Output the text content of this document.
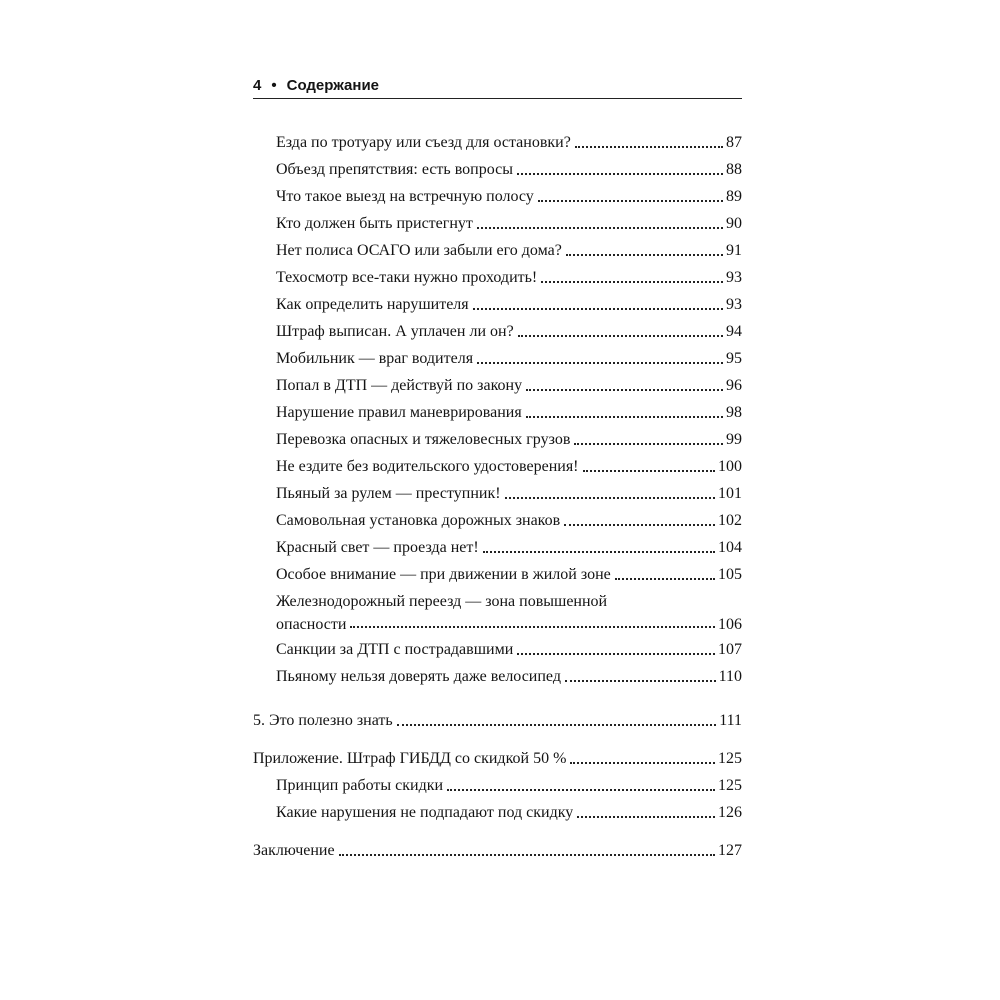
4 • Содержание
Езда по тротуару или съезд для остановки?	87
Объезд препятствия: есть вопросы	88
Что такое выезд на встречную полосу	89
Кто должен быть пристегнут	90
Нет полиса ОСАГО или забыли его дома?	91
Техосмотр все-таки нужно проходить!	93
Как определить нарушителя	93
Штраф выписан. А уплачен ли он?	94
Мобильник — враг водителя	95
Попал в ДТП — действуй по закону	96
Нарушение правил маневрирования	98
Перевозка опасных и тяжеловесных грузов	99
Не ездите без водительского удостоверения!	100
Пьяный за рулем — преступник!	101
Самовольная установка дорожных знаков	102
Красный свет — проезда нет!	104
Особое внимание — при движении в жилой зоне	105
Железнодорожный переезд — зона повышенной
опасности	106
Санкции за ДТП с пострадавшими	107
Пьяному нельзя доверять даже велосипед	110
5. Это полезно знать	111
Приложение. Штраф ГИБДД со скидкой 50 %	125
Принцип работы скидки	125
Какие нарушения не подпадают под скидку	126
Заключение	127
